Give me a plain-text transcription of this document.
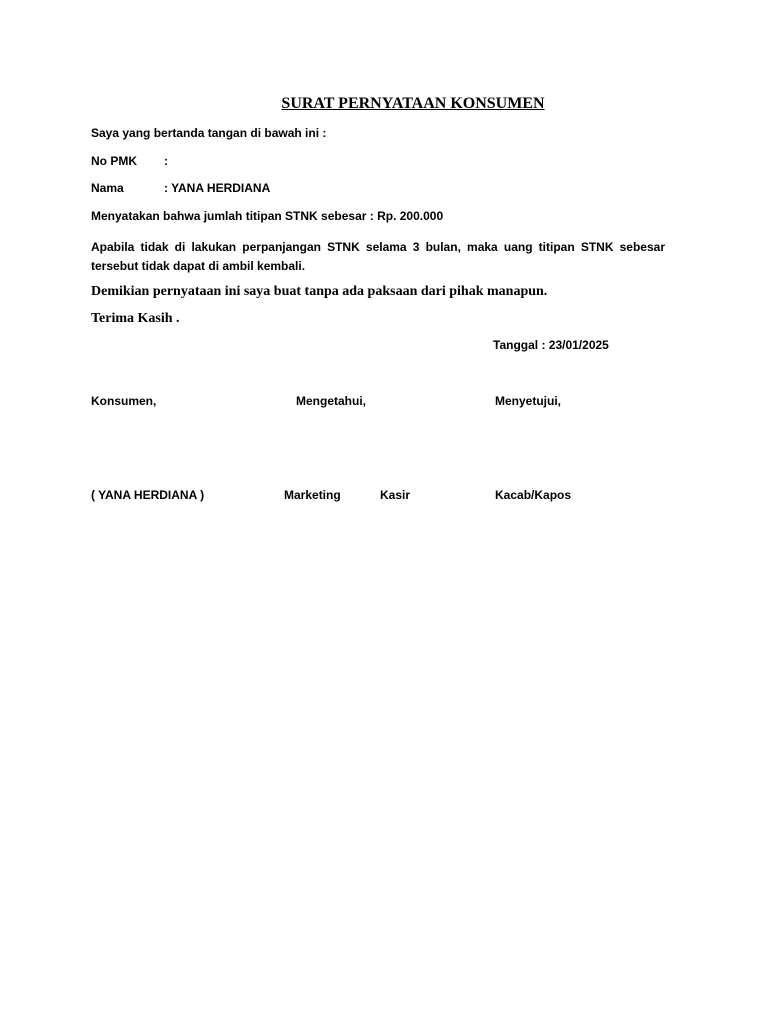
SURAT PERNYATAAN KONSUMEN
Saya yang bertanda tangan di bawah ini :
No PMK :
Nama	: YANA HERDIANA
Menyatakan bahwa jumlah titipan STNK sebesar : Rp. 200.000
Apabila tidak di lakukan perpanjangan STNK selama 3 bulan, maka uang titipan STNK sebesar tersebut tidak dapat di ambil kembali.
Demikian pernyataan ini saya buat tanpa ada paksaan dari pihak manapun.
Terima Kasih .
Tanggal : 23/01/2025
Konsumen,	Mengetahui,	Menyetujui,
( YANA HERDIANA )	Marketing	Kasir	Kacab/Kapos
